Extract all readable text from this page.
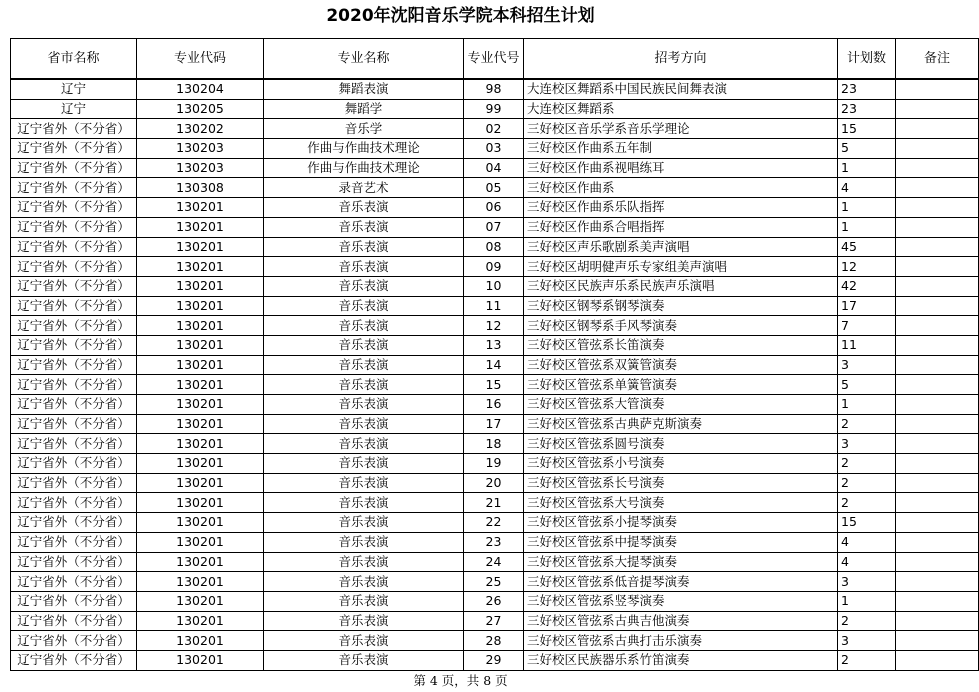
2020年沈阳音乐学院本科招生计划
省市名称	专业代码	专业名称	专业代号	招考方向	计划数	备注
辽宁	130204	舞蹈表演	98	大连校区舞蹈系中国民族民间舞表演	23	
辽宁	130205	舞蹈学	99	大连校区舞蹈系	23	
辽宁省外（不分省）	130202	音乐学	02	三好校区音乐学系音乐学理论	15	
辽宁省外（不分省）	130203	作曲与作曲技术理论	03	三好校区作曲系五年制	5	
辽宁省外（不分省）	130203	作曲与作曲技术理论	04	三好校区作曲系视唱练耳	1	
辽宁省外（不分省）	130308	录音艺术	05	三好校区作曲系	4	
辽宁省外（不分省）	130201	音乐表演	06	三好校区作曲系乐队指挥	1	
辽宁省外（不分省）	130201	音乐表演	07	三好校区作曲系合唱指挥	1	
辽宁省外（不分省）	130201	音乐表演	08	三好校区声乐歌剧系美声演唱	45	
辽宁省外（不分省）	130201	音乐表演	09	三好校区胡明健声乐专家组美声演唱	12	
辽宁省外（不分省）	130201	音乐表演	10	三好校区民族声乐系民族声乐演唱	42	
辽宁省外（不分省）	130201	音乐表演	11	三好校区钢琴系钢琴演奏	17	
辽宁省外（不分省）	130201	音乐表演	12	三好校区钢琴系手风琴演奏	7	
辽宁省外（不分省）	130201	音乐表演	13	三好校区管弦系长笛演奏	11	
辽宁省外（不分省）	130201	音乐表演	14	三好校区管弦系双簧管演奏	3	
辽宁省外（不分省）	130201	音乐表演	15	三好校区管弦系单簧管演奏	5	
辽宁省外（不分省）	130201	音乐表演	16	三好校区管弦系大管演奏	1	
辽宁省外（不分省）	130201	音乐表演	17	三好校区管弦系古典萨克斯演奏	2	
辽宁省外（不分省）	130201	音乐表演	18	三好校区管弦系圆号演奏	3	
辽宁省外（不分省）	130201	音乐表演	19	三好校区管弦系小号演奏	2	
辽宁省外（不分省）	130201	音乐表演	20	三好校区管弦系长号演奏	2	
辽宁省外（不分省）	130201	音乐表演	21	三好校区管弦系大号演奏	2	
辽宁省外（不分省）	130201	音乐表演	22	三好校区管弦系小提琴演奏	15	
辽宁省外（不分省）	130201	音乐表演	23	三好校区管弦系中提琴演奏	4	
辽宁省外（不分省）	130201	音乐表演	24	三好校区管弦系大提琴演奏	4	
辽宁省外（不分省）	130201	音乐表演	25	三好校区管弦系低音提琴演奏	3	
辽宁省外（不分省）	130201	音乐表演	26	三好校区管弦系竖琴演奏	1	
辽宁省外（不分省）	130201	音乐表演	27	三好校区管弦系古典吉他演奏	2	
辽宁省外（不分省）	130201	音乐表演	28	三好校区管弦系古典打击乐演奏	3	
辽宁省外（不分省）	130201	音乐表演	29	三好校区民族器乐系竹笛演奏	2	
第 4 页，共 8 页
